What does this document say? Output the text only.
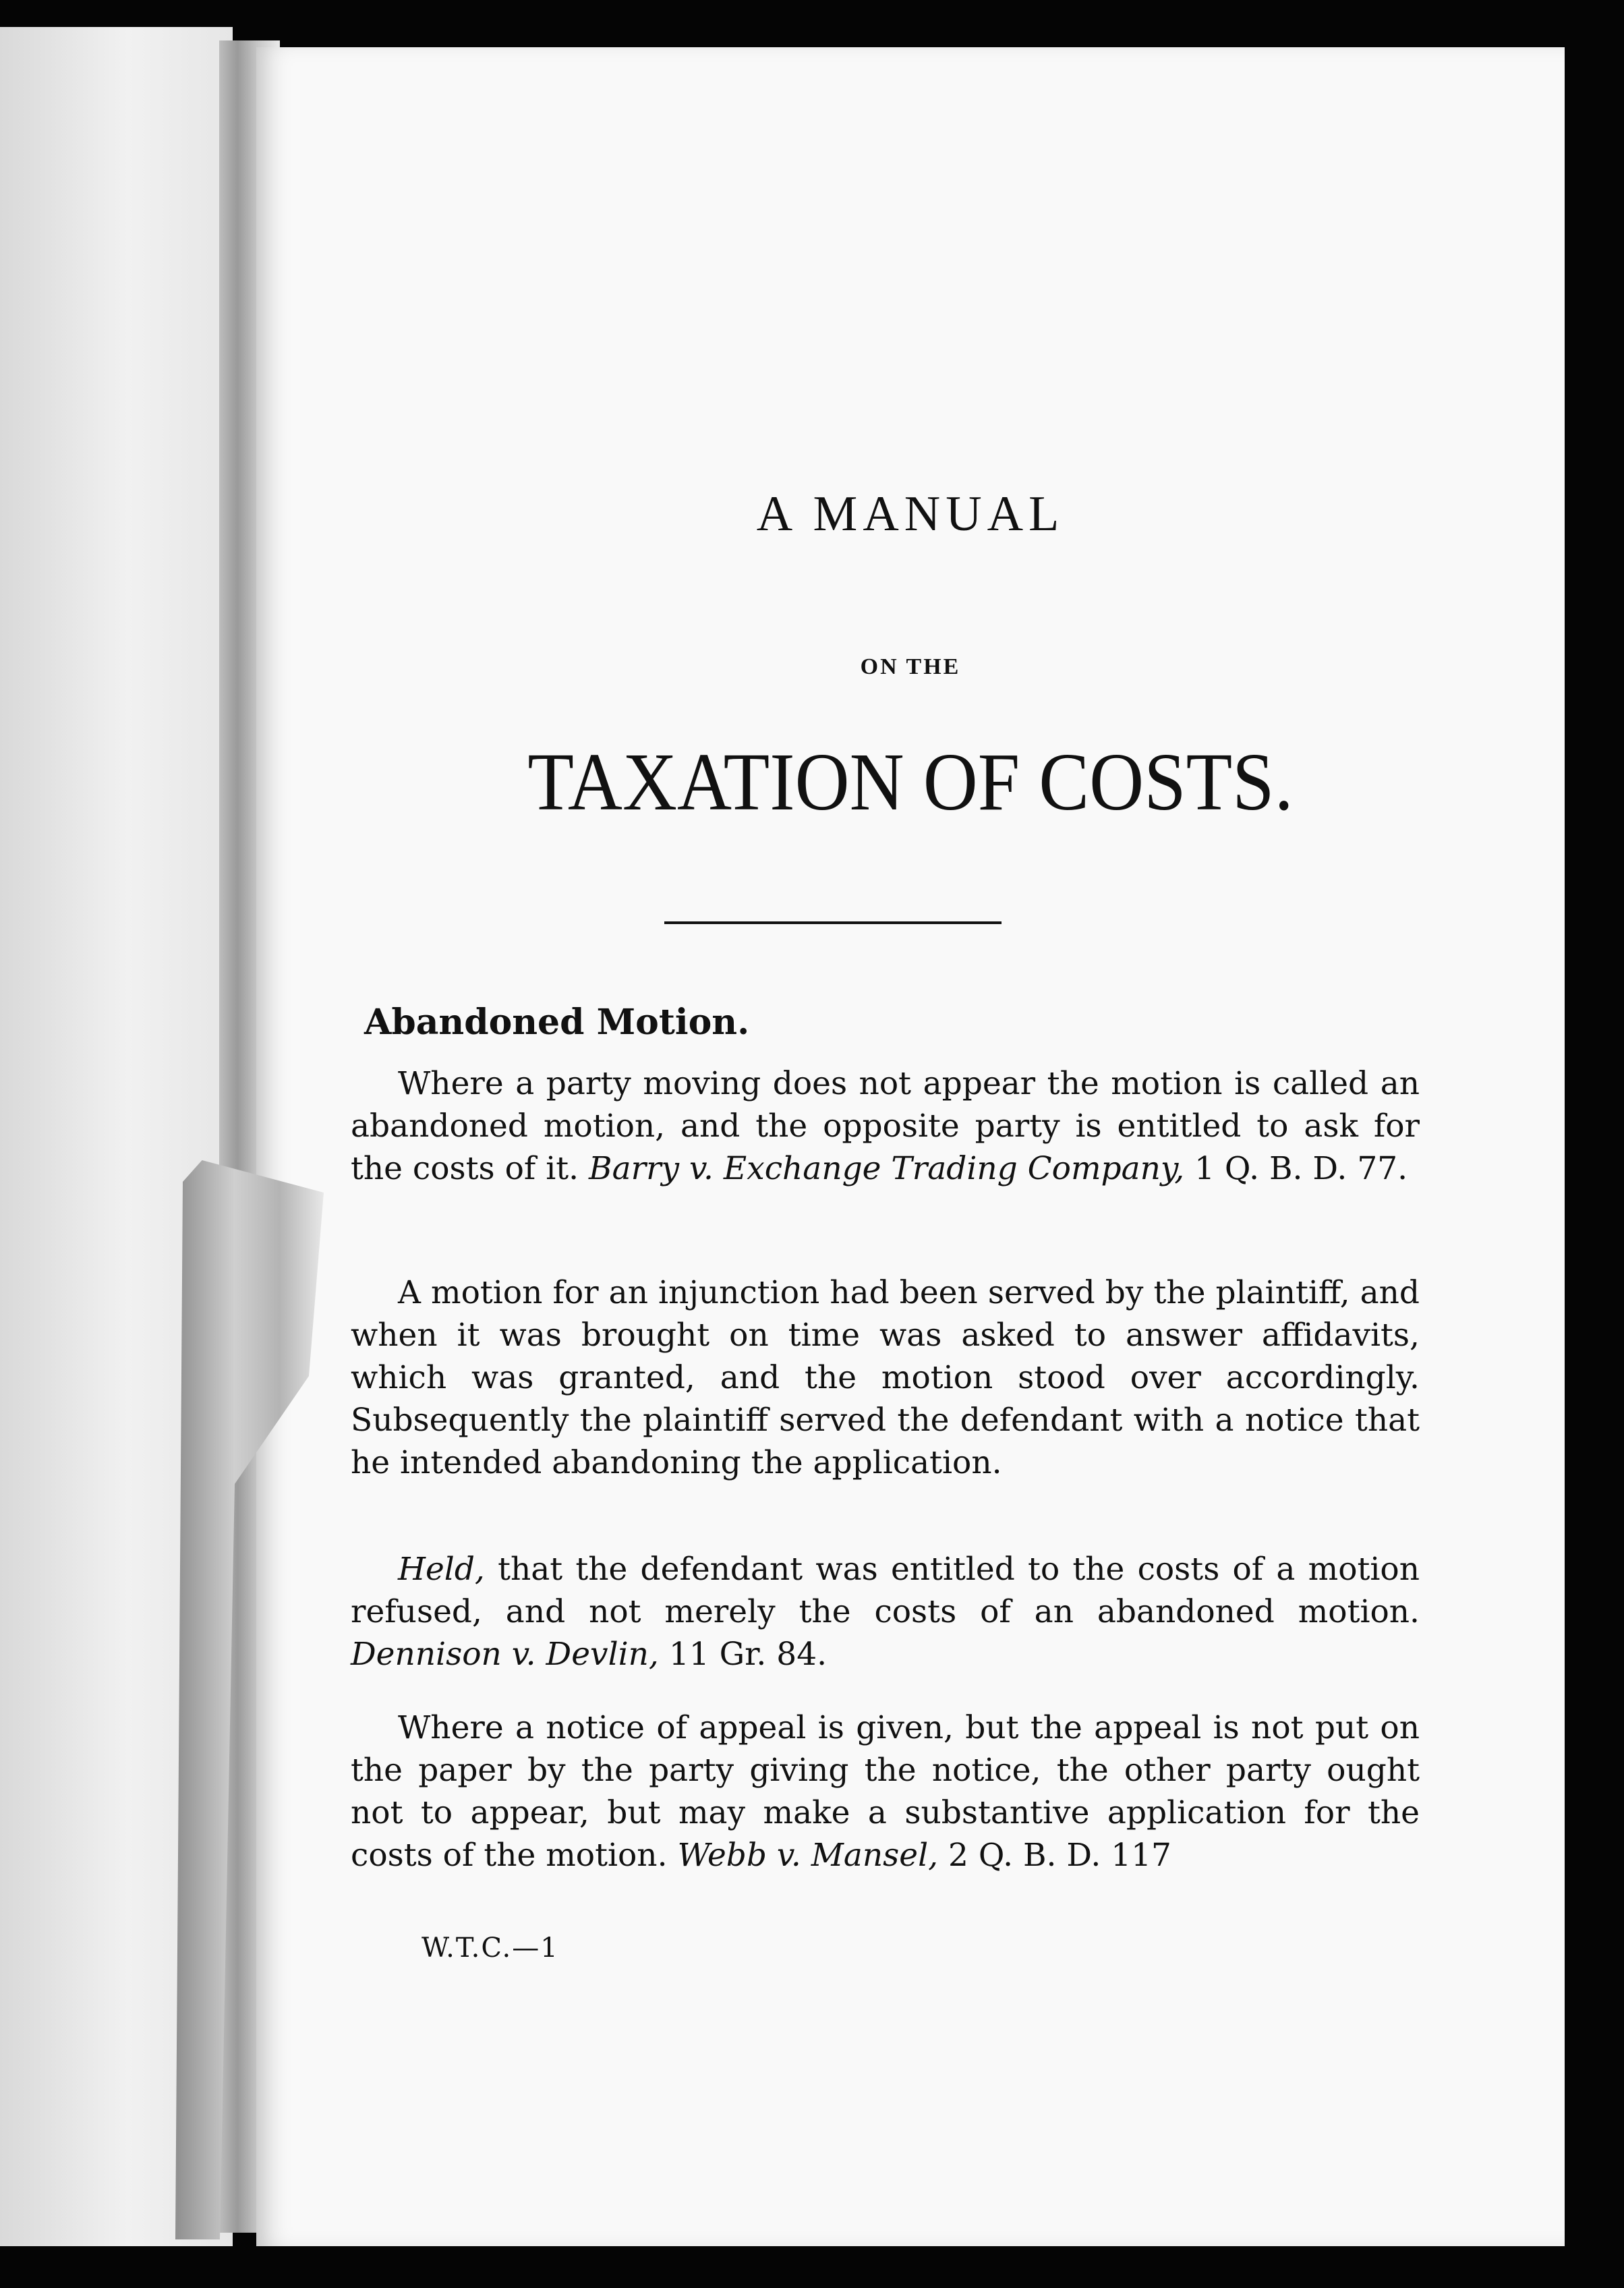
A MANUAL
ON THE
TAXATION OF COSTS.
Abandoned Motion.

Where a party moving does not appear the motion is called an abandoned motion, and the opposite party is entitled to ask for the costs of it. Barry v. Exchange Trading Company, 1 Q. B. D. 77.

A motion for an injunction had been served by the plaintiff, and when it was brought on time was asked to answer affidavits, which was granted, and the motion stood over accordingly. Subsequently the plaintiff served the defendant with a notice that he intended abandoning the application.

Held, that the defendant was entitled to the costs of a motion refused, and not merely the costs of an abandoned motion. Dennison v. Devlin, 11 Gr. 84.

Where a notice of appeal is given, but the appeal is not put on the paper by the party giving the notice, the other party ought not to appear, but may make a substantive application for the costs of the motion. Webb v. Mansel, 2 Q. B. D. 117

W.T.C.—1
